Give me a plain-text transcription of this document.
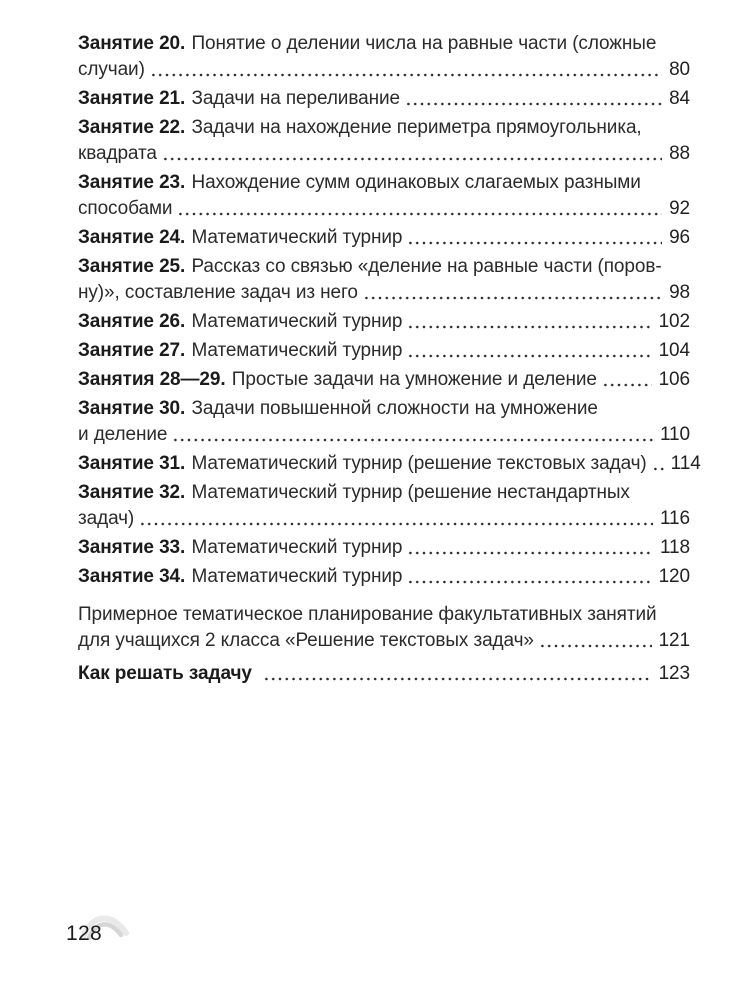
Занятие 20. Понятие о делении числа на равные части (сложные
случаи)	80
Занятие 21. Задачи на переливание	84
Занятие 22. Задачи на нахождение периметра прямоугольника,
квадрата	88
Занятие 23. Нахождение сумм одинаковых слагаемых разными
способами	92
Занятие 24. Математический турнир	96
Занятие 25. Рассказ со связью «деление на равные части (поров-
ну)», составление задач из него	98
Занятие 26. Математический турнир	102
Занятие 27. Математический турнир	104
Занятия 28—29. Простые задачи на умножение и деление	106
Занятие 30. Задачи повышенной сложности на умножение
и деление	110
Занятие 31. Математический турнир (решение текстовых задач) 114
Занятие 32. Математический турнир (решение нестандартных
задач)	116
Занятие 33. Математический турнир	118
Занятие 34. Математический турнир	120
Примерное тематическое планирование факультативных занятий
для учащихся 2 класса «Решение текстовых задач»	121
Как решать задачу	123
128
